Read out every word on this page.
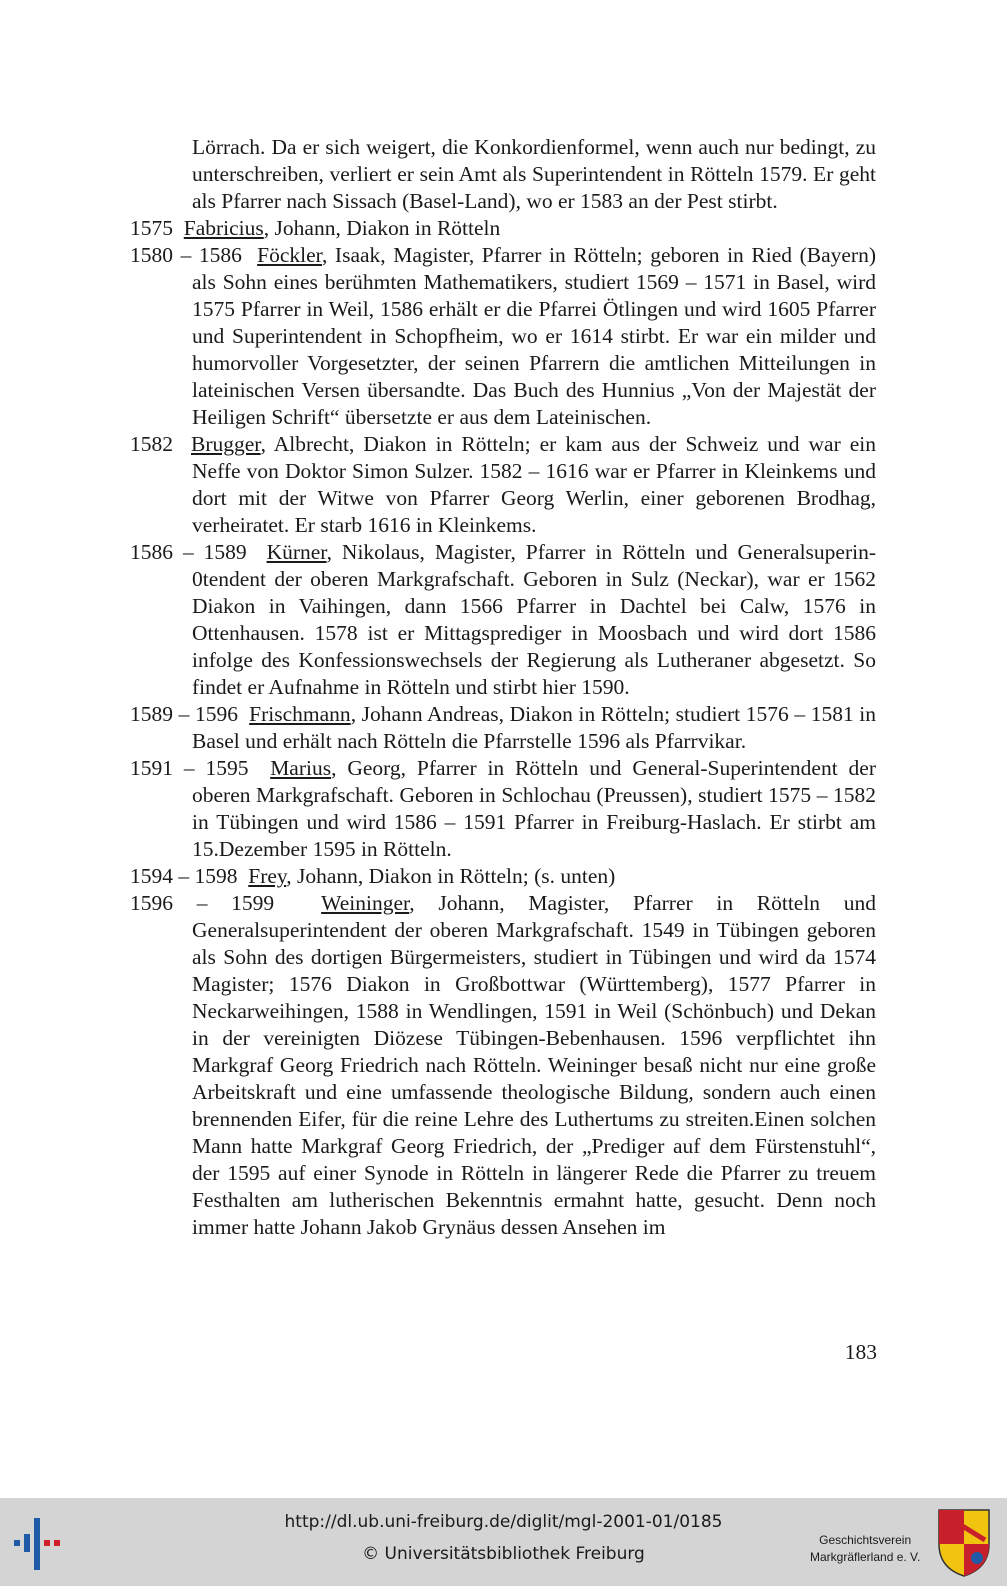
Lörrach. Da er sich weigert, die Konkordienformel, wenn auch nur bedingt, zu unterschreiben, verliert er sein Amt als Superintendent in Rötteln 1579. Er geht als Pfarrer nach Sissach (Basel-Land), wo er 1583 an der Pest stirbt.

1575 Fabricius, Johann, Diakon in Rötteln

1580 – 1586 Föckler, Isaak, Magister, Pfarrer in Rötteln; geboren in Ried (Bayern) als Sohn eines berühmten Mathematikers, studiert 1569 – 1571 in Basel, wird 1575 Pfarrer in Weil, 1586 erhält er die Pfarrei Ötlingen und wird 1605 Pfarrer und Superintendent in Schopfheim, wo er 1614 stirbt. Er war ein milder und humorvoller Vorgesetzter, der seinen Pfarrern die amtlichen Mitteilungen in lateinischen Versen übersandte. Das Buch des Hunnius „Von der Majestät der Heiligen Schrift“ übersetzte er aus dem Lateinischen.

1582 Brugger, Albrecht, Diakon in Rötteln; er kam aus der Schweiz und war ein Neffe von Doktor Simon Sulzer. 1582 – 1616 war er Pfarrer in Kleinkems und dort mit der Witwe von Pfarrer Georg Werlin, einer geborenen Brodhag, verheiratet. Er starb 1616 in Kleinkems.

1586 – 1589 Kürner, Nikolaus, Magister, Pfarrer in Rötteln und Generalsuperin-0tendent der oberen Markgrafschaft. Geboren in Sulz (Neckar), war er 1562 Diakon in Vaihingen, dann 1566 Pfarrer in Dachtel bei Calw, 1576 in Ottenhausen. 1578 ist er Mittagsprediger in Moosbach und wird dort 1586 infolge des Konfessionswechsels der Regierung als Lutheraner abgesetzt. So findet er Aufnahme in Rötteln und stirbt hier 1590.

1589 – 1596 Frischmann, Johann Andreas, Diakon in Rötteln; studiert 1576 – 1581 in Basel und erhält nach Rötteln die Pfarrstelle 1596 als Pfarrvikar.

1591 – 1595 Marius, Georg, Pfarrer in Rötteln und General-Superintendent der oberen Markgrafschaft. Geboren in Schlochau (Preussen), studiert 1575 – 1582 in Tübingen und wird 1586 – 1591 Pfarrer in Freiburg-Haslach. Er stirbt am 15.Dezember 1595 in Rötteln.

1594 – 1598 Frey, Johann, Diakon in Rötteln; (s. unten)

1596 – 1599 Weininger, Johann, Magister, Pfarrer in Rötteln und Generalsuperintendent der oberen Markgrafschaft. 1549 in Tübingen geboren als Sohn des dortigen Bürgermeisters, studiert in Tübingen und wird da 1574 Magister; 1576 Diakon in Großbottwar (Württemberg), 1577 Pfarrer in Neckarweihingen, 1588 in Wendlingen, 1591 in Weil (Schönbuch) und Dekan in der vereinigten Diözese Tübingen-Bebenhausen. 1596 verpflichtet ihn Markgraf Georg Friedrich nach Rötteln. Weininger besaß nicht nur eine große Arbeitskraft und eine umfassende theologische Bildung, sondern auch einen brennenden Eifer, für die reine Lehre des Luthertums zu streiten.Einen solchen Mann hatte Markgraf Georg Friedrich, der „Prediger auf dem Fürstenstuhl“, der 1595 auf einer Synode in Rötteln in längerer Rede die Pfarrer zu treuem Festhalten am lutherischen Bekenntnis ermahnt hatte, gesucht. Denn noch immer hatte Johann Jakob Grynäus dessen Ansehen im

183
http://dl.ub.uni-freiburg.de/diglit/mgl-2001-01/0185
© Universitätsbibliothek Freiburg
Geschichtsverein
Markgräflerland e. V.
